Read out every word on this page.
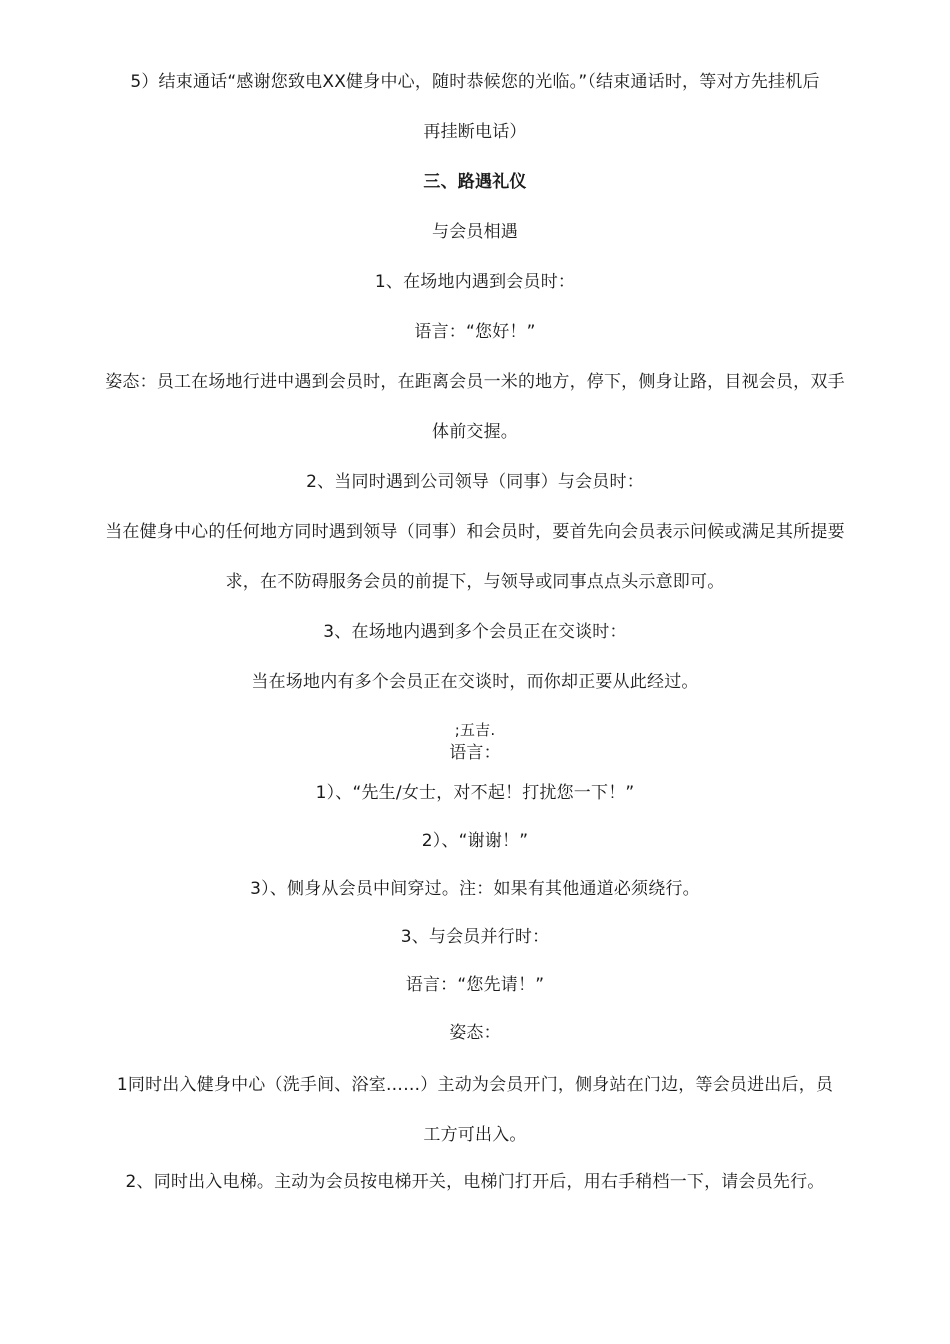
5）结束通话“感谢您致电XX健身中心，随时恭候您的光临。”（结束通话时，等对方先挂机后
再挂断电话）
三、路遇礼仪
与会员相遇
1、在场地内遇到会员时：
语言：“您好！”
姿态：员工在场地行进中遇到会员时，在距离会员一米的地方，停下，侧身让路，目视会员，双手
体前交握。
2、当同时遇到公司领导（同事）与会员时：
当在健身中心的任何地方同时遇到领导（同事）和会员时，要首先向会员表示问候或满足其所提要
求，在不防碍服务会员的前提下，与领导或同事点点头示意即可。
3、在场地内遇到多个会员正在交谈时：
当在场地内有多个会员正在交谈时，而你却正要从此经过。
;五吉.
语言：
1）、“先生/女士，对不起！打扰您一下！”
2）、“谢谢！”
3）、侧身从会员中间穿过。注：如果有其他通道必须绕行。
3、与会员并行时：
语言：“您先请！”
姿态：
1同时出入健身中心（洗手间、浴室……）主动为会员开门，侧身站在门边，等会员进出后，员
工方可出入。
2、同时出入电梯。主动为会员按电梯开关，电梯门打开后，用右手稍档一下，请会员先行。
